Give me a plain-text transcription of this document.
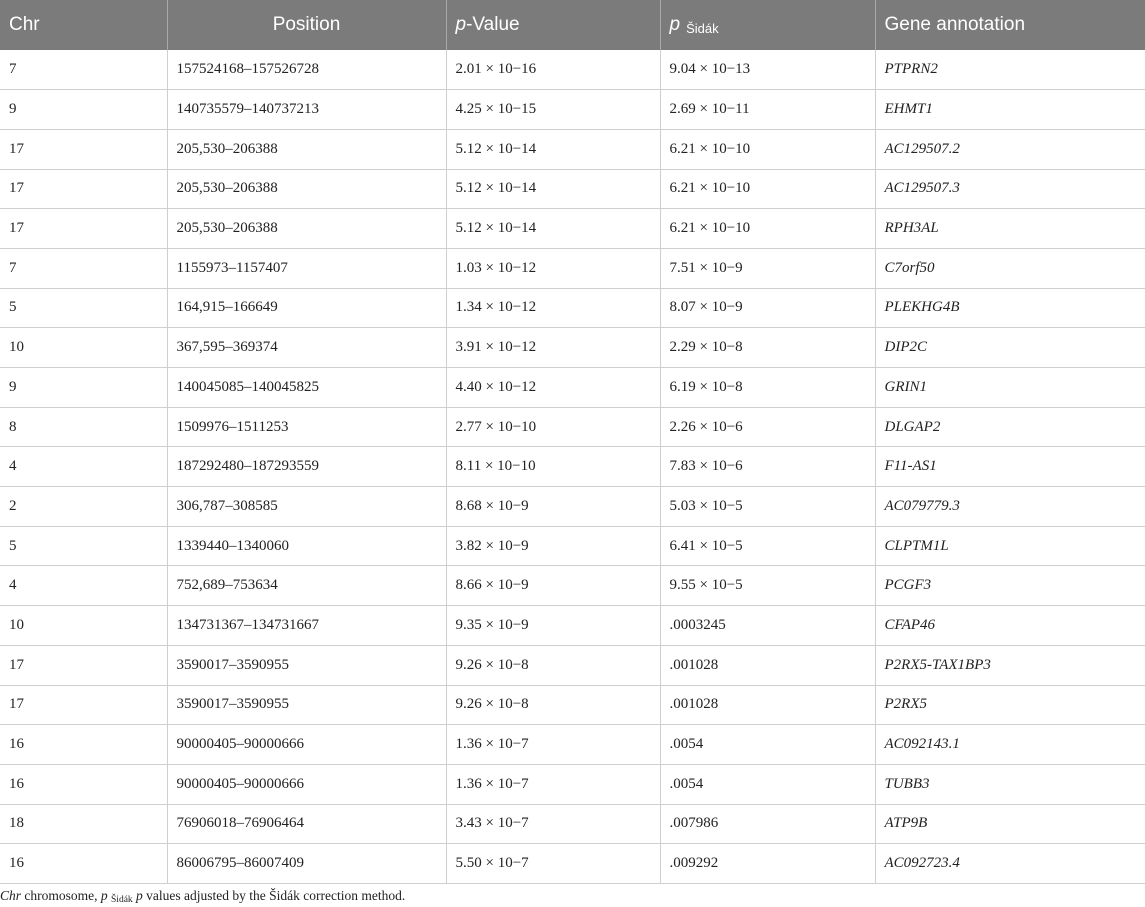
Chr	Position	p-Value	p $_{Šidák}$	Gene annotation
7	157524168–157526728	2.01 × 10−16	9.04 × 10−13	PTPRN2
9	140735579–140737213	4.25 × 10−15	2.69 × 10−11	EHMT1
17	205,530–206388	5.12 × 10−14	6.21 × 10−10	AC129507.2
17	205,530–206388	5.12 × 10−14	6.21 × 10−10	AC129507.3
17	205,530–206388	5.12 × 10−14	6.21 × 10−10	RPH3AL
7	1155973–1157407	1.03 × 10−12	7.51 × 10−9	C7orf50
5	164,915–166649	1.34 × 10−12	8.07 × 10−9	PLEKHG4B
10	367,595–369374	3.91 × 10−12	2.29 × 10−8	DIP2C
9	140045085–140045825	4.40 × 10−12	6.19 × 10−8	GRIN1
8	1509976–1511253	2.77 × 10−10	2.26 × 10−6	DLGAP2
4	187292480–187293559	8.11 × 10−10	7.83 × 10−6	F11-AS1
2	306,787–308585	8.68 × 10−9	5.03 × 10−5	AC079779.3
5	1339440–1340060	3.82 × 10−9	6.41 × 10−5	CLPTM1L
4	752,689–753634	8.66 × 10−9	9.55 × 10−5	PCGF3
10	134731367–134731667	9.35 × 10−9	.0003245	CFAP46
17	3590017–3590955	9.26 × 10−8	.001028	P2RX5-TAX1BP3
17	3590017–3590955	9.26 × 10−8	.001028	P2RX5
16	90000405–90000666	1.36 × 10−7	.0054	AC092143.1
16	90000405–90000666	1.36 × 10−7	.0054	TUBB3
18	76906018–76906464	3.43 × 10−7	.007986	ATP9B
16	86006795–86007409	5.50 × 10−7	.009292	AC092723.4
Chr chromosome, p $_{Šidák}$ p values adjusted by the Šidák correction method.
